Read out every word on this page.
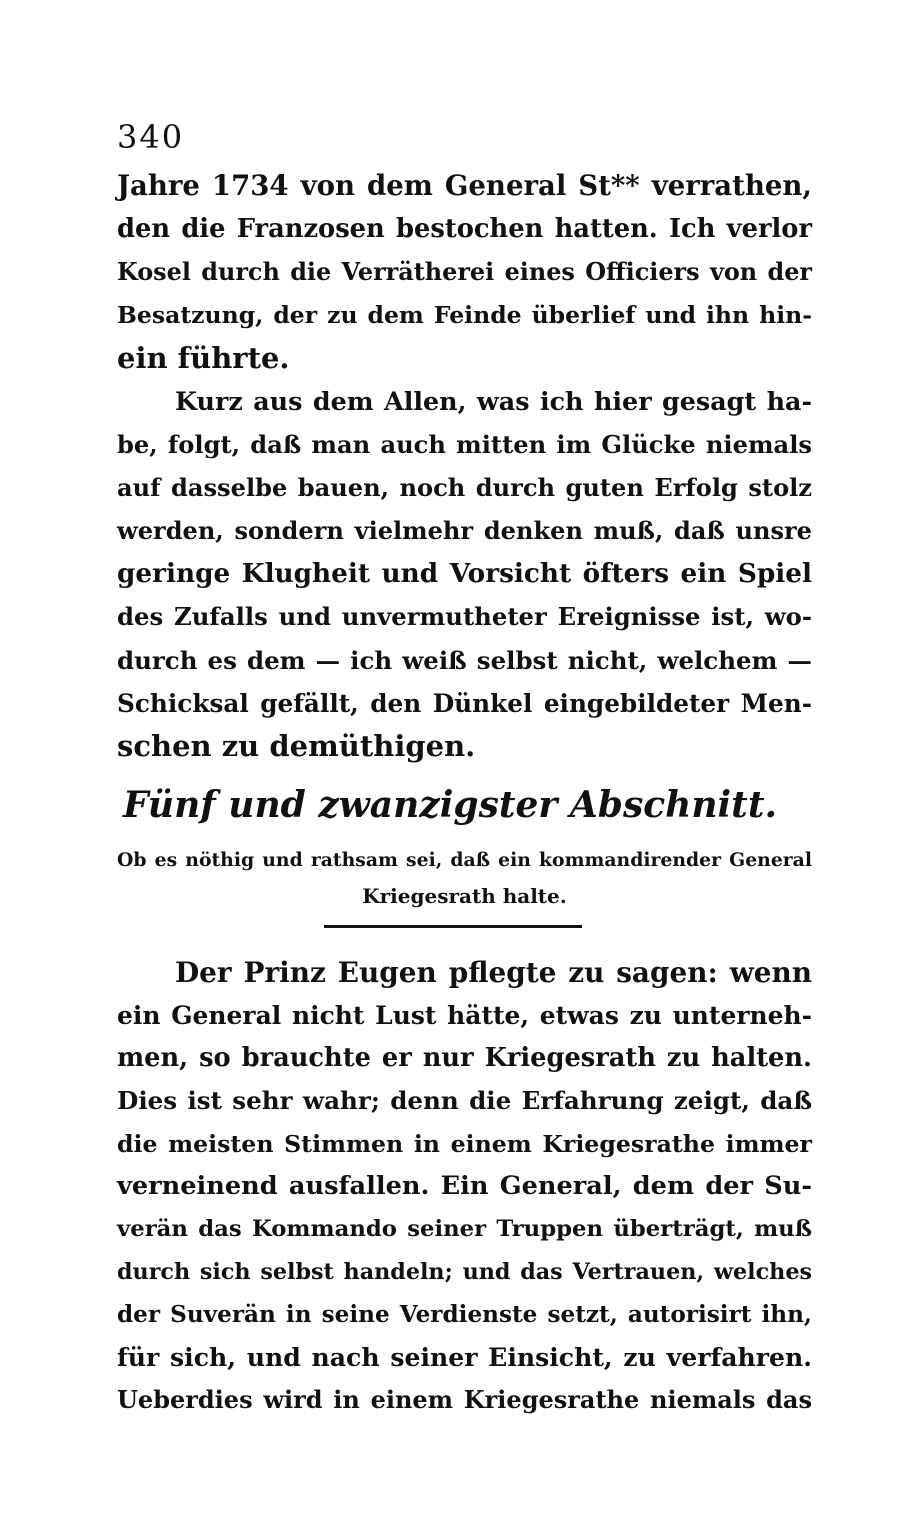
340
Jahre 1734 von dem General St** verrathen,
den die Franzosen bestochen hatten. Ich verlor
Kosel durch die Verrätherei eines Officiers von der
Besatzung, der zu dem Feinde überlief und ihn hin-
ein führte.
Kurz aus dem Allen, was ich hier gesagt ha-
be, folgt, daß man auch mitten im Glücke niemals
auf dasselbe bauen, noch durch guten Erfolg stolz
werden, sondern vielmehr denken muß, daß unsre
geringe Klugheit und Vorsicht öfters ein Spiel
des Zufalls und unvermutheter Ereignisse ist, wo-
durch es dem — ich weiß selbst nicht, welchem —
Schicksal gefällt, den Dünkel eingebildeter Men-
schen zu demüthigen.
Fünf und zwanzigster Abschnitt.
Ob es nöthig und rathsam sei, daß ein kommandirender General
Kriegesrath halte.
Der Prinz Eugen pflegte zu sagen: wenn
ein General nicht Lust hätte, etwas zu unterneh-
men, so brauchte er nur Kriegesrath zu halten.
Dies ist sehr wahr; denn die Erfahrung zeigt, daß
die meisten Stimmen in einem Kriegesrathe immer
verneinend ausfallen. Ein General, dem der Su-
verän das Kommando seiner Truppen überträgt, muß
durch sich selbst handeln; und das Vertrauen, welches
der Suverän in seine Verdienste setzt, autorisirt ihn,
für sich, und nach seiner Einsicht, zu verfahren.
Ueberdies wird in einem Kriegesrathe niemals das
